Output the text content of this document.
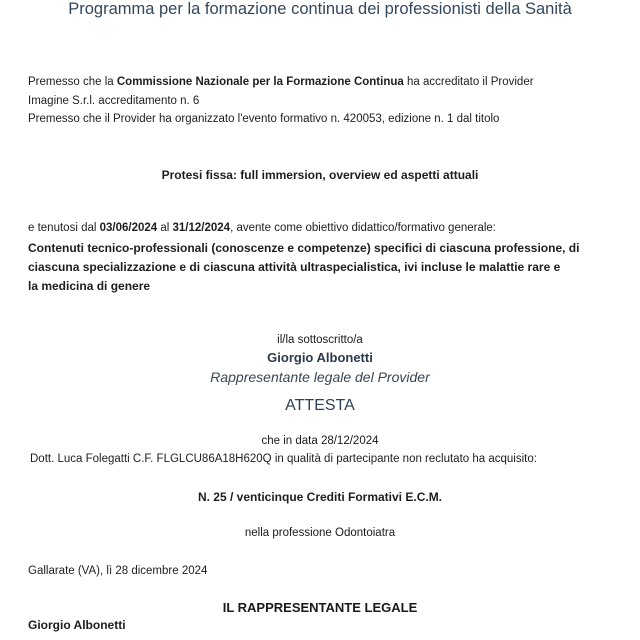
Programma per la formazione continua dei professionisti della Sanità
Premesso che la Commissione Nazionale per la Formazione Continua ha accreditato il Provider
Imagine S.r.l. accreditamento n. 6
Premesso che il Provider ha organizzato l'evento formativo n. 420053, edizione n. 1 dal titolo
Protesi fissa: full immersion, overview ed aspetti attuali
e tenutosi dal 03/06/2024 al 31/12/2024, avente come obiettivo didattico/formativo generale:
Contenuti tecnico-professionali (conoscenze e competenze) specifici di ciascuna professione, di
ciascuna specializzazione e di ciascuna attività ultraspecialistica, ivi incluse le malattie rare e
la medicina di genere
il/la sottoscritto/a
Giorgio Albonetti
Rappresentante legale del Provider
ATTESTA
che in data 28/12/2024
Dott. Luca Folegatti C.F. FLGLCU86A18H620Q in qualità di partecipante non reclutato ha acquisito:
N. 25 / venticinque Crediti Formativi E.C.M.
nella professione Odontoiatra
Gallarate (VA), lì 28 dicembre 2024
IL RAPPRESENTANTE LEGALE
Giorgio Albonetti
